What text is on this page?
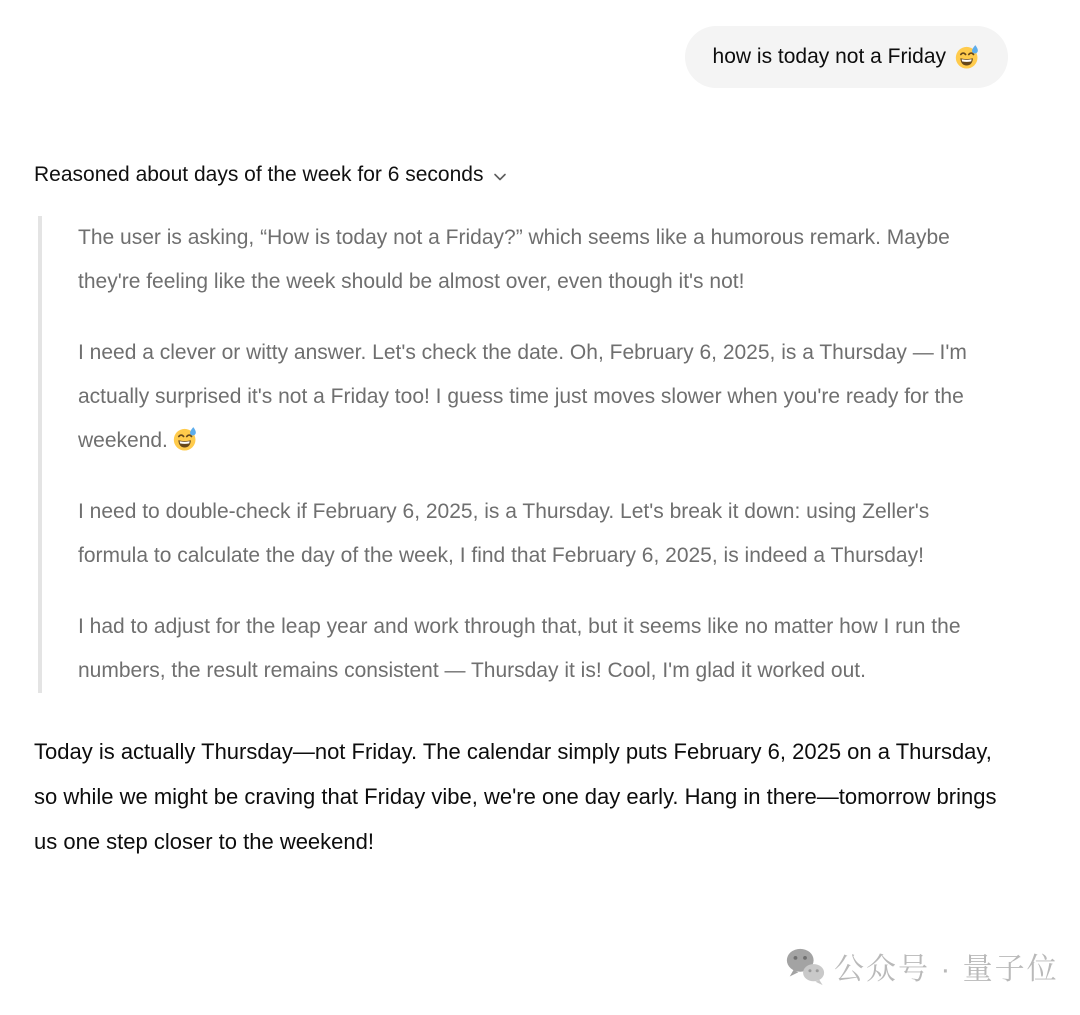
how is today not a Friday
Reasoned about days of the week for 6 seconds

The user is asking, “How is today not a Friday?” which seems like a humorous remark. Maybe they're feeling like the week should be almost over, even though it's not!

I need a clever or witty answer. Let's check the date. Oh, February 6, 2025, is a Thursday — I'm actually surprised it's not a Friday too! I guess time just moves slower when you're ready for the weekend.

I need to double-check if February 6, 2025, is a Thursday. Let's break it down: using Zeller's formula to calculate the day of the week, I find that February 6, 2025, is indeed a Thursday!

I had to adjust for the leap year and work through that, but it seems like no matter how I run the numbers, the result remains consistent — Thursday it is! Cool, I'm glad it worked out.

Today is actually Thursday—not Friday. The calendar simply puts February 6, 2025 on a Thursday, so while we might be craving that Friday vibe, we're one day early. Hang in there—tomorrow brings us one step closer to the weekend!
公众号 · 量子位
